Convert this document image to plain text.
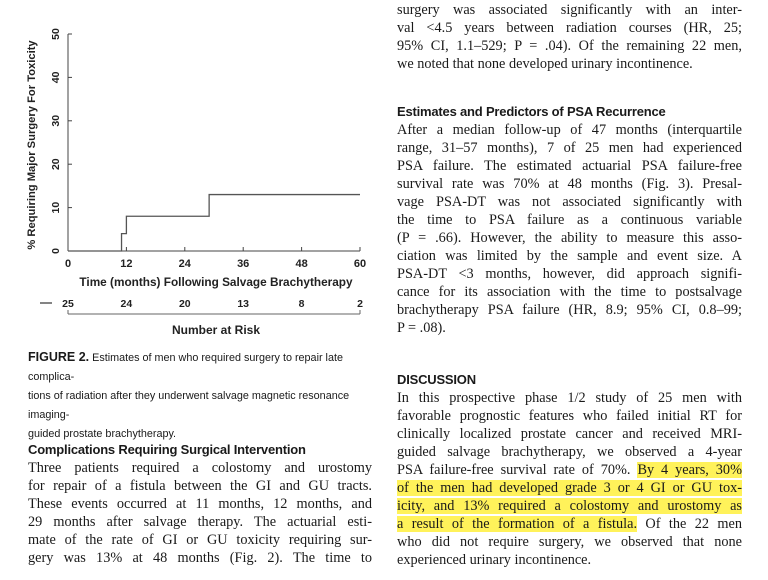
0
10
20
30
40
50
0	12	24	36	48	60
% Requiring Major Surgery For Toxicity
Time (months) Following Salvage Brachytherapy
25	24	20	13	8	2
Number at Risk

FIGURE 2. Estimates of men who required surgery to repair late complica-
tions of radiation after they underwent salvage magnetic resonance imaging-
guided prostate brachytherapy.

Complications Requiring Surgical Intervention

Three patients required a colostomy and urostomy
for repair of a fistula between the GI and GU tracts.
These events occurred at 11 months, 12 months, and
29 months after salvage therapy. The actuarial esti-
mate of the rate of GI or GU toxicity requiring sur-
gery was 13% at 48 months (Fig. 2). The time to

surgery was associated significantly with an inter-
val <4.5 years between radiation courses (HR, 25;
95% CI, 1.1–529; P = .04). Of the remaining 22 men,
we noted that none developed urinary incontinence.

Estimates and Predictors of PSA Recurrence

After a median follow-up of 47 months (interquartile
range, 31–57 months), 7 of 25 men had experienced
PSA failure. The estimated actuarial PSA failure-free
survival rate was 70% at 48 months (Fig. 3). Presal-
vage PSA-DT was not associated significantly with
the time to PSA failure as a continuous variable
(P = .66). However, the ability to measure this asso-
ciation was limited by the sample and event size. A
PSA-DT <3 months, however, did approach signifi-
cance for its association with the time to postsalvage
brachytherapy PSA failure (HR, 8.9; 95% CI, 0.8–99;
P = .08).

DISCUSSION

In this prospective phase 1/2 study of 25 men with
favorable prognostic features who failed initial RT for
clinically localized prostate cancer and received MRI-
guided salvage brachytherapy, we observed a 4-year
PSA failure-free survival rate of 70%. By 4 years, 30%
of the men had developed grade 3 or 4 GI or GU tox-
icity, and 13% required a colostomy and urostomy as
a result of the formation of a fistula. Of the 22 men
who did not require surgery, we observed that none
experienced urinary incontinence.
